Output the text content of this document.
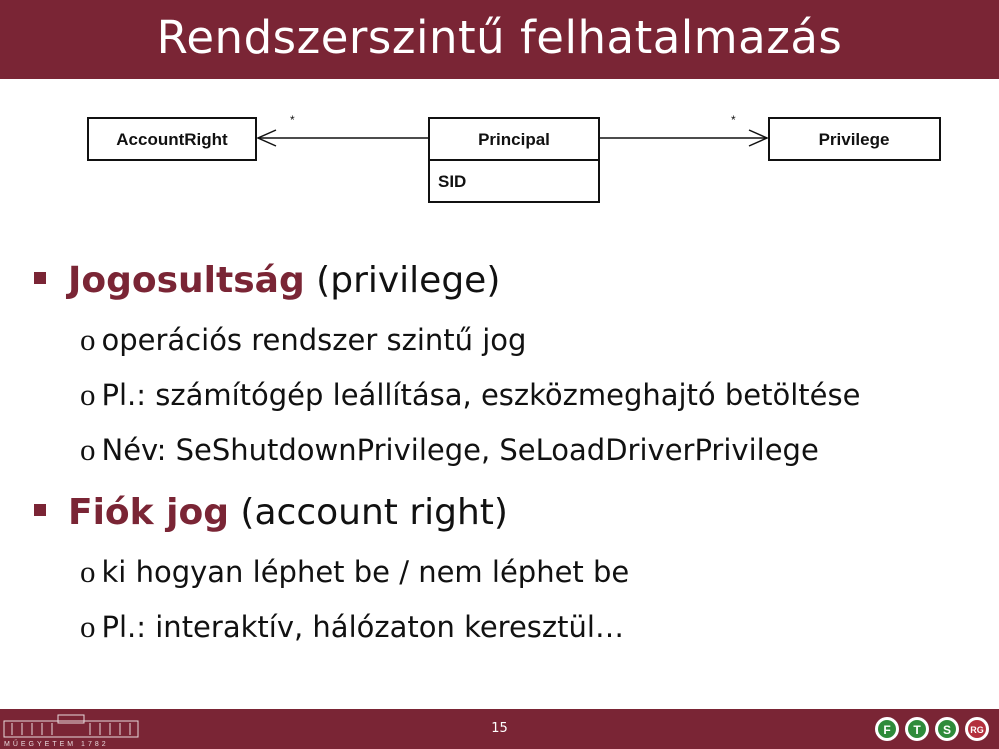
Rendszerszintű felhatalmazás
AccountRight	Principal
SID
Privilege
*	*
Jogosultság (privilege)
o operációs rendszer szintű jog
o Pl.: számítógép leállítása, eszközmeghajtó betöltése
o Név: SeShutdownPrivilege, SeLoadDriverPrivilege
Fiók jog (account right)
o ki hogyan léphet be / nem léphet be
o Pl.: interaktív, hálózaton keresztül…
MŰEGYETEM 1782
15	F T S RG
